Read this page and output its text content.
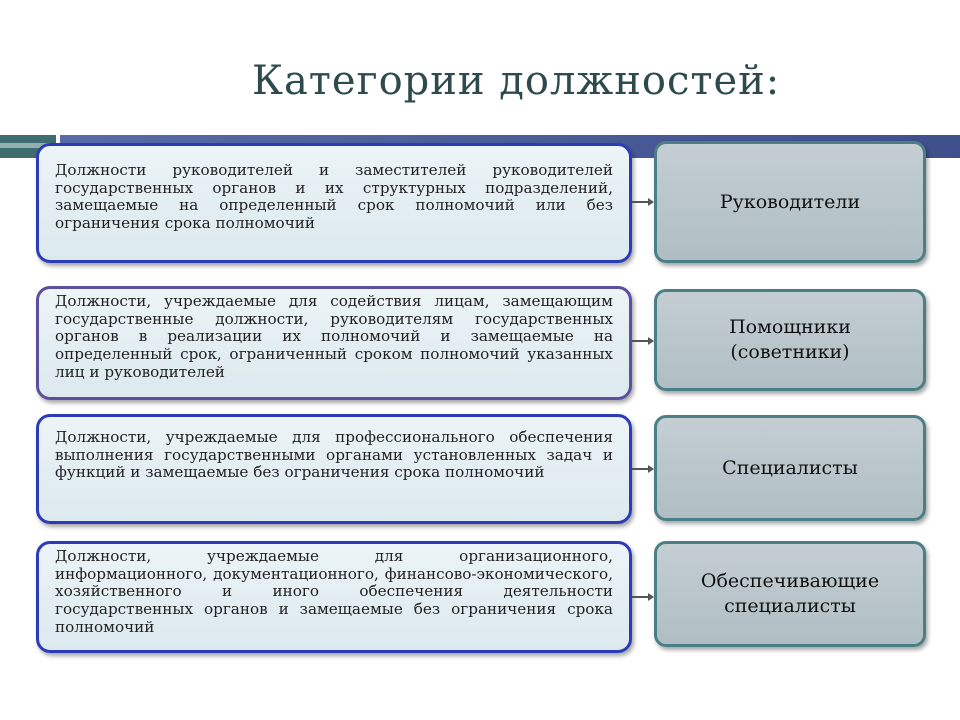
Категории должностей:
Должности руководителей и заместителей руководителей государственных органов и их структурных подразделений, замещаемые на определенный срок полномочий или без ограничения срока полномочий
Руководители
Должности, учреждаемые для содействия лицам, замещающим государственные должности, руководителям государственных органов в реализации их полномочий и замещаемые на определенный срок, ограниченный сроком полномочий указанных лиц и руководителей
Помощники (советники)
Должности, учреждаемые для профессионального обеспечения выполнения государственными органами установленных задач и функций и замещаемые без ограничения срока полномочий	Специалисты
Должности, учреждаемые для организационного, информационного, документационного, финансово-экономического, хозяйственного и иного обеспечения деятельности государственных органов и замещаемые без ограничения срока полномочий
Обеспечивающие специалисты
